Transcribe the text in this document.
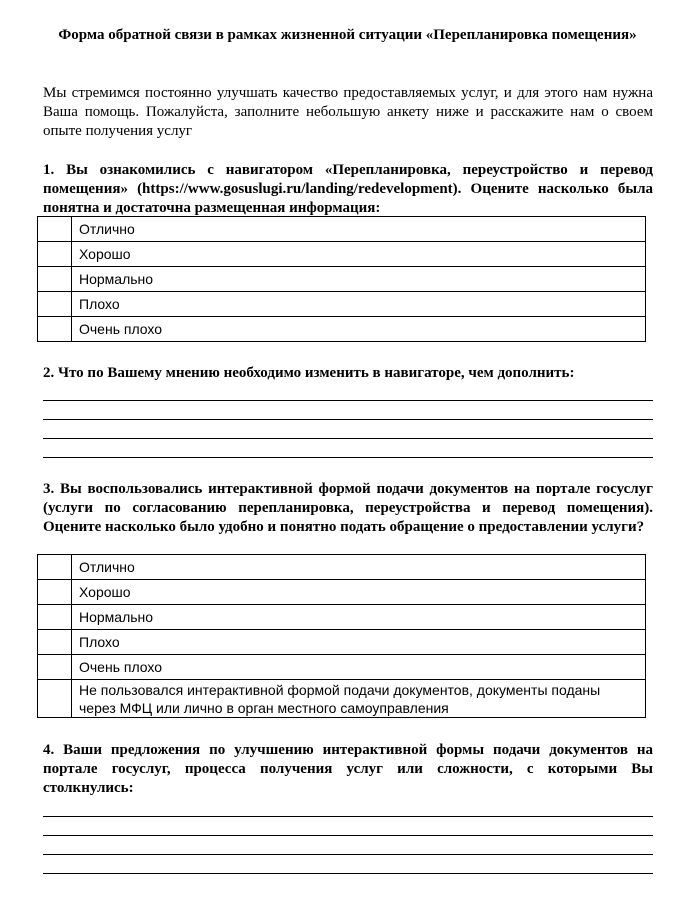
Форма обратной связи в рамках жизненной ситуации «Перепланировка помещения»
Мы стремимся постоянно улучшать качество предоставляемых услуг, и для этого нам нужна Ваша помощь. Пожалуйста, заполните небольшую анкету ниже и расскажите нам о своем опыте получения услуг
1. Вы ознакомились с навигатором «Перепланировка, переустройство и перевод помещения» (https://www.gosuslugi.ru/landing/redevelopment). Оцените насколько была понятна и достаточна размещенная информация:
	Отлично
	Хорошо
	Нормально
	Плохо
	Очень плохо
2. Что по Вашему мнению необходимо изменить в навигаторе, чем дополнить:
3. Вы воспользовались интерактивной формой подачи документов на портале госуслуг (услуги по согласованию перепланировка, переустройства и перевод помещения). Оцените насколько было удобно и понятно подать обращение о предоставлении услуги?
	Отлично
	Хорошо
	Нормально
	Плохо
	Очень плохо
	Не пользовался интерактивной формой подачи документов, документы поданы через МФЦ или лично в орган местного самоуправления
4. Ваши предложения по улучшению интерактивной формы подачи документов на портале госуслуг, процесса получения услуг или сложности, с которыми Вы столкнулись:
